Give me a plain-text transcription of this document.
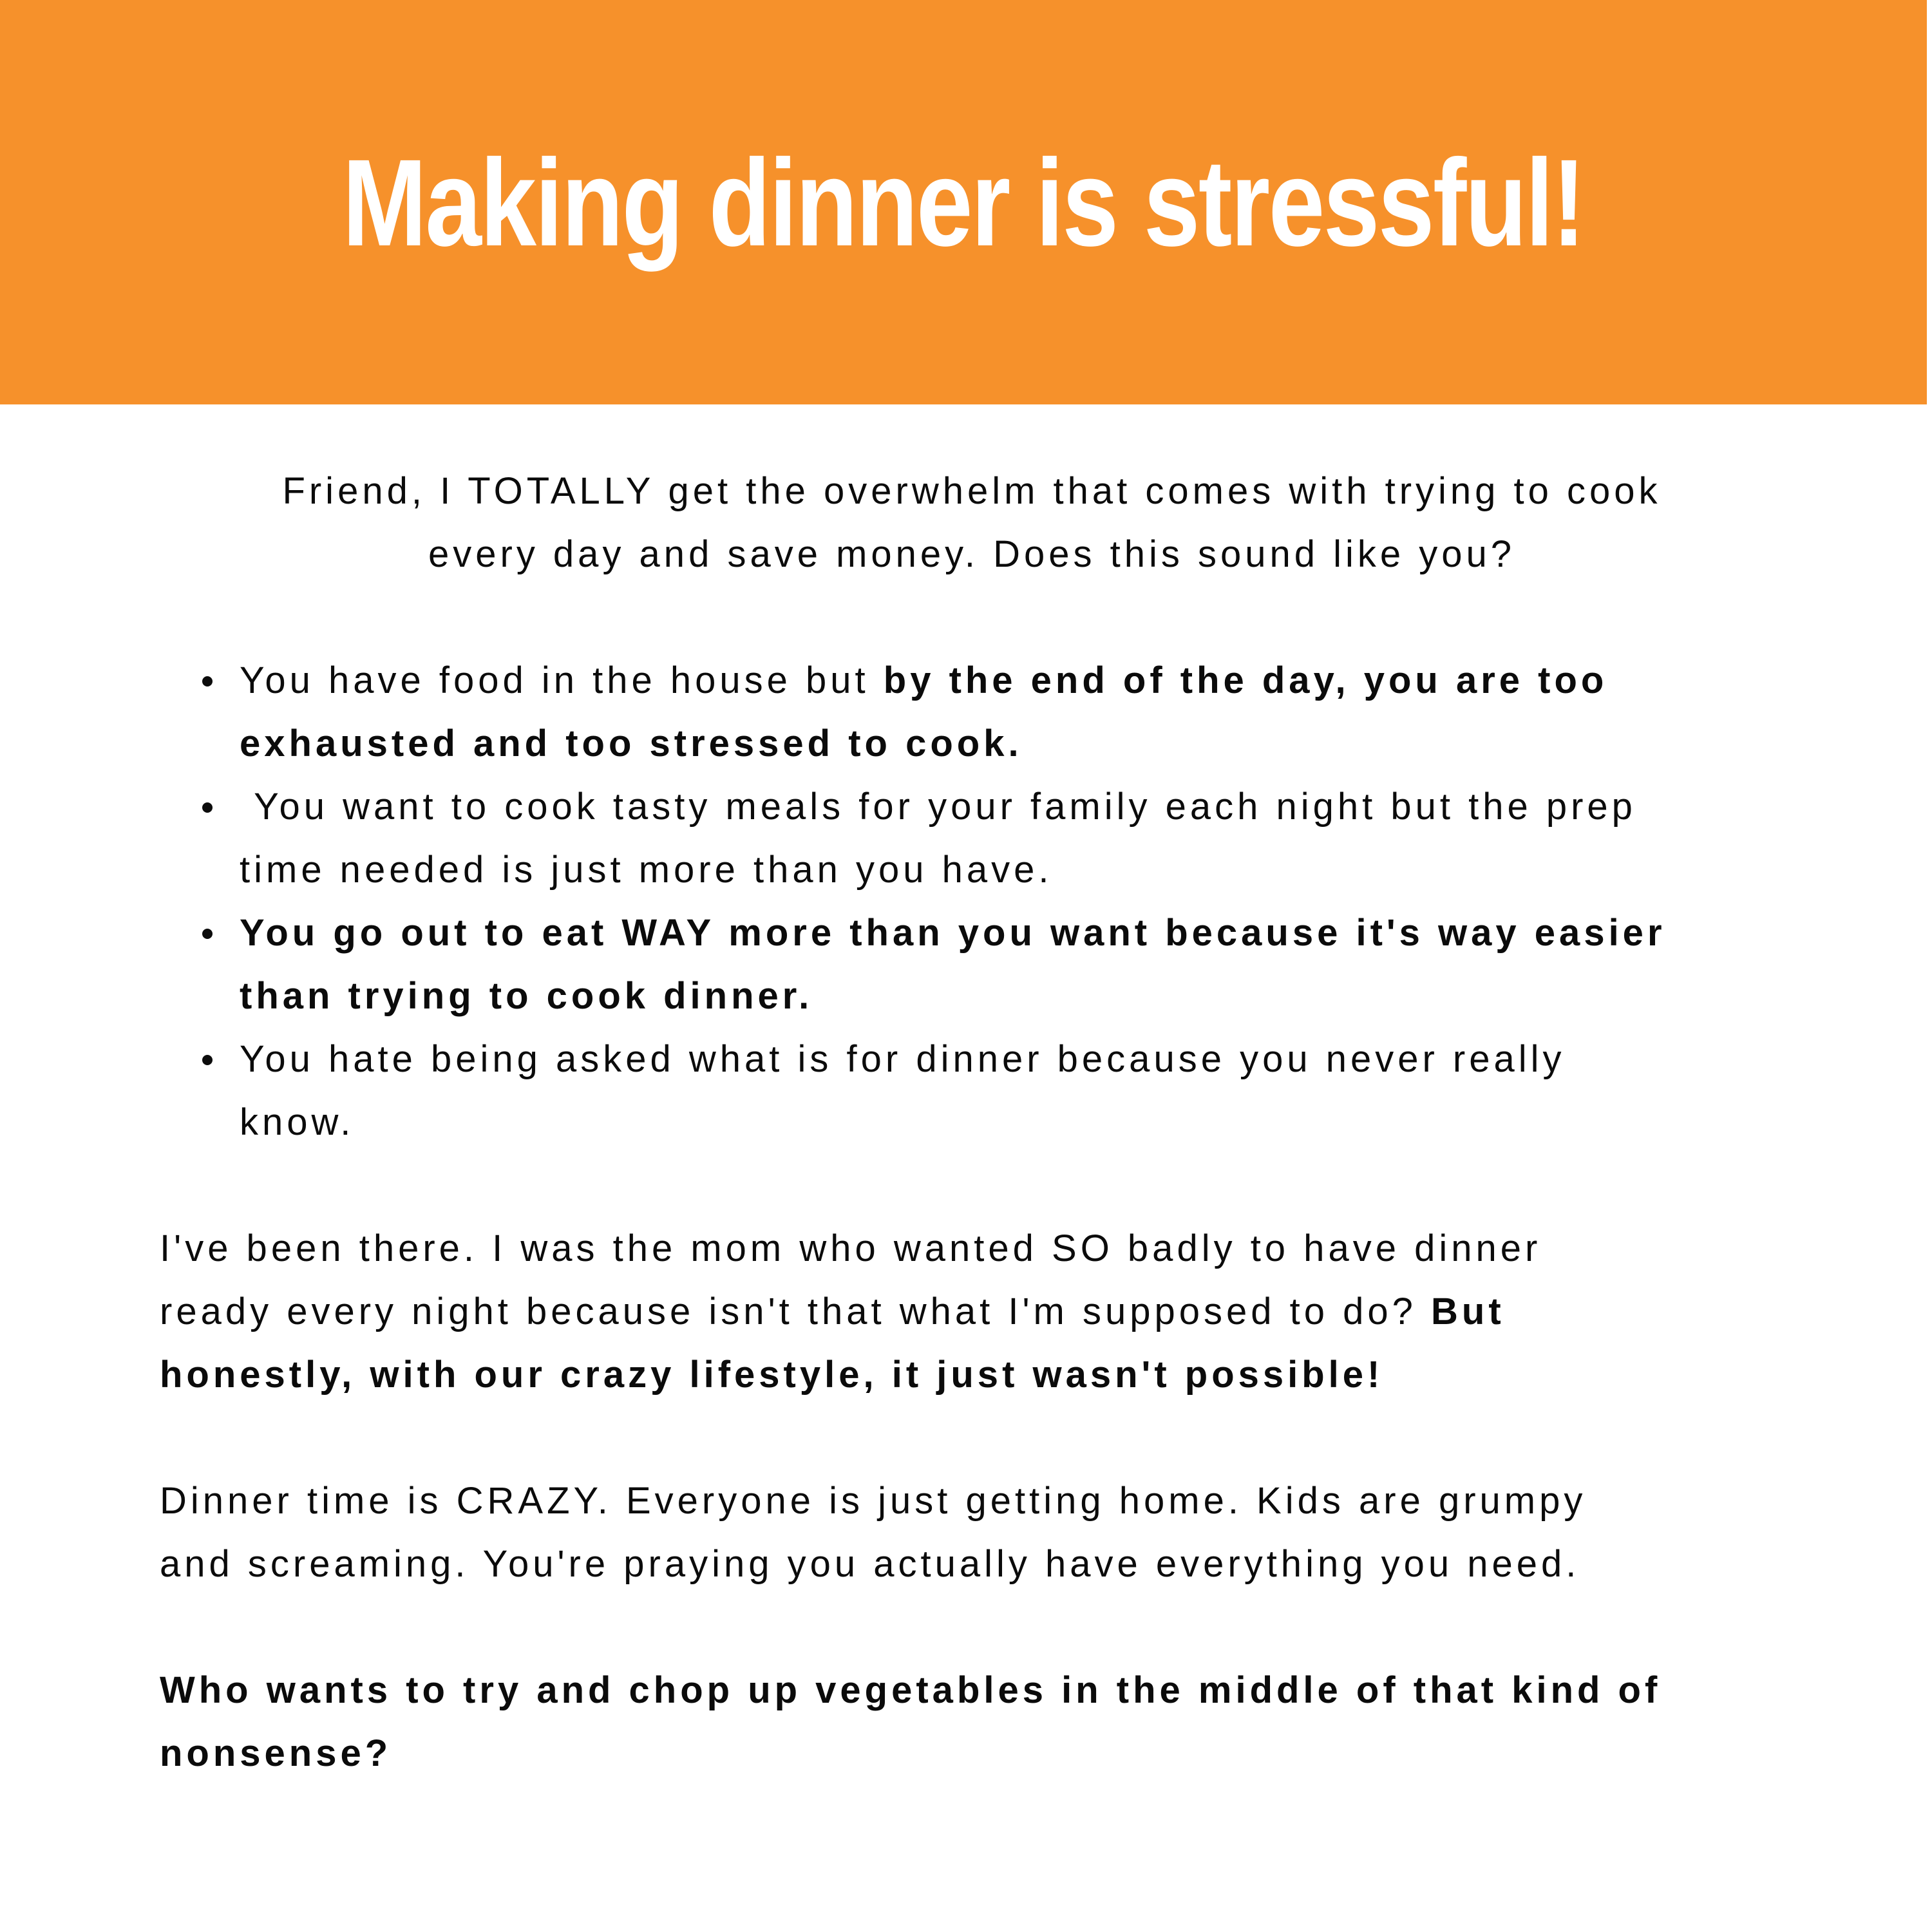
Making dinner is stressful!

Friend, I TOTALLY get the overwhelm that comes with trying to cook
every day and save money. Does this sound like you?

You have food in the house but by the end of the day, you are too
exhausted and too stressed to cook.
You want to cook tasty meals for your family each night but the prep
time needed is just more than you have.
You go out to eat WAY more than you want because it's way easier
than trying to cook dinner.
You hate being asked what is for dinner because you never really
know.

I've been there. I was the mom who wanted SO badly to have dinner
ready every night because isn't that what I'm supposed to do? But
honestly, with our crazy lifestyle, it just wasn't possible!

Dinner time is CRAZY. Everyone is just getting home. Kids are grumpy
and screaming. You're praying you actually have everything you need.

Who wants to try and chop up vegetables in the middle of that kind of
nonsense?
